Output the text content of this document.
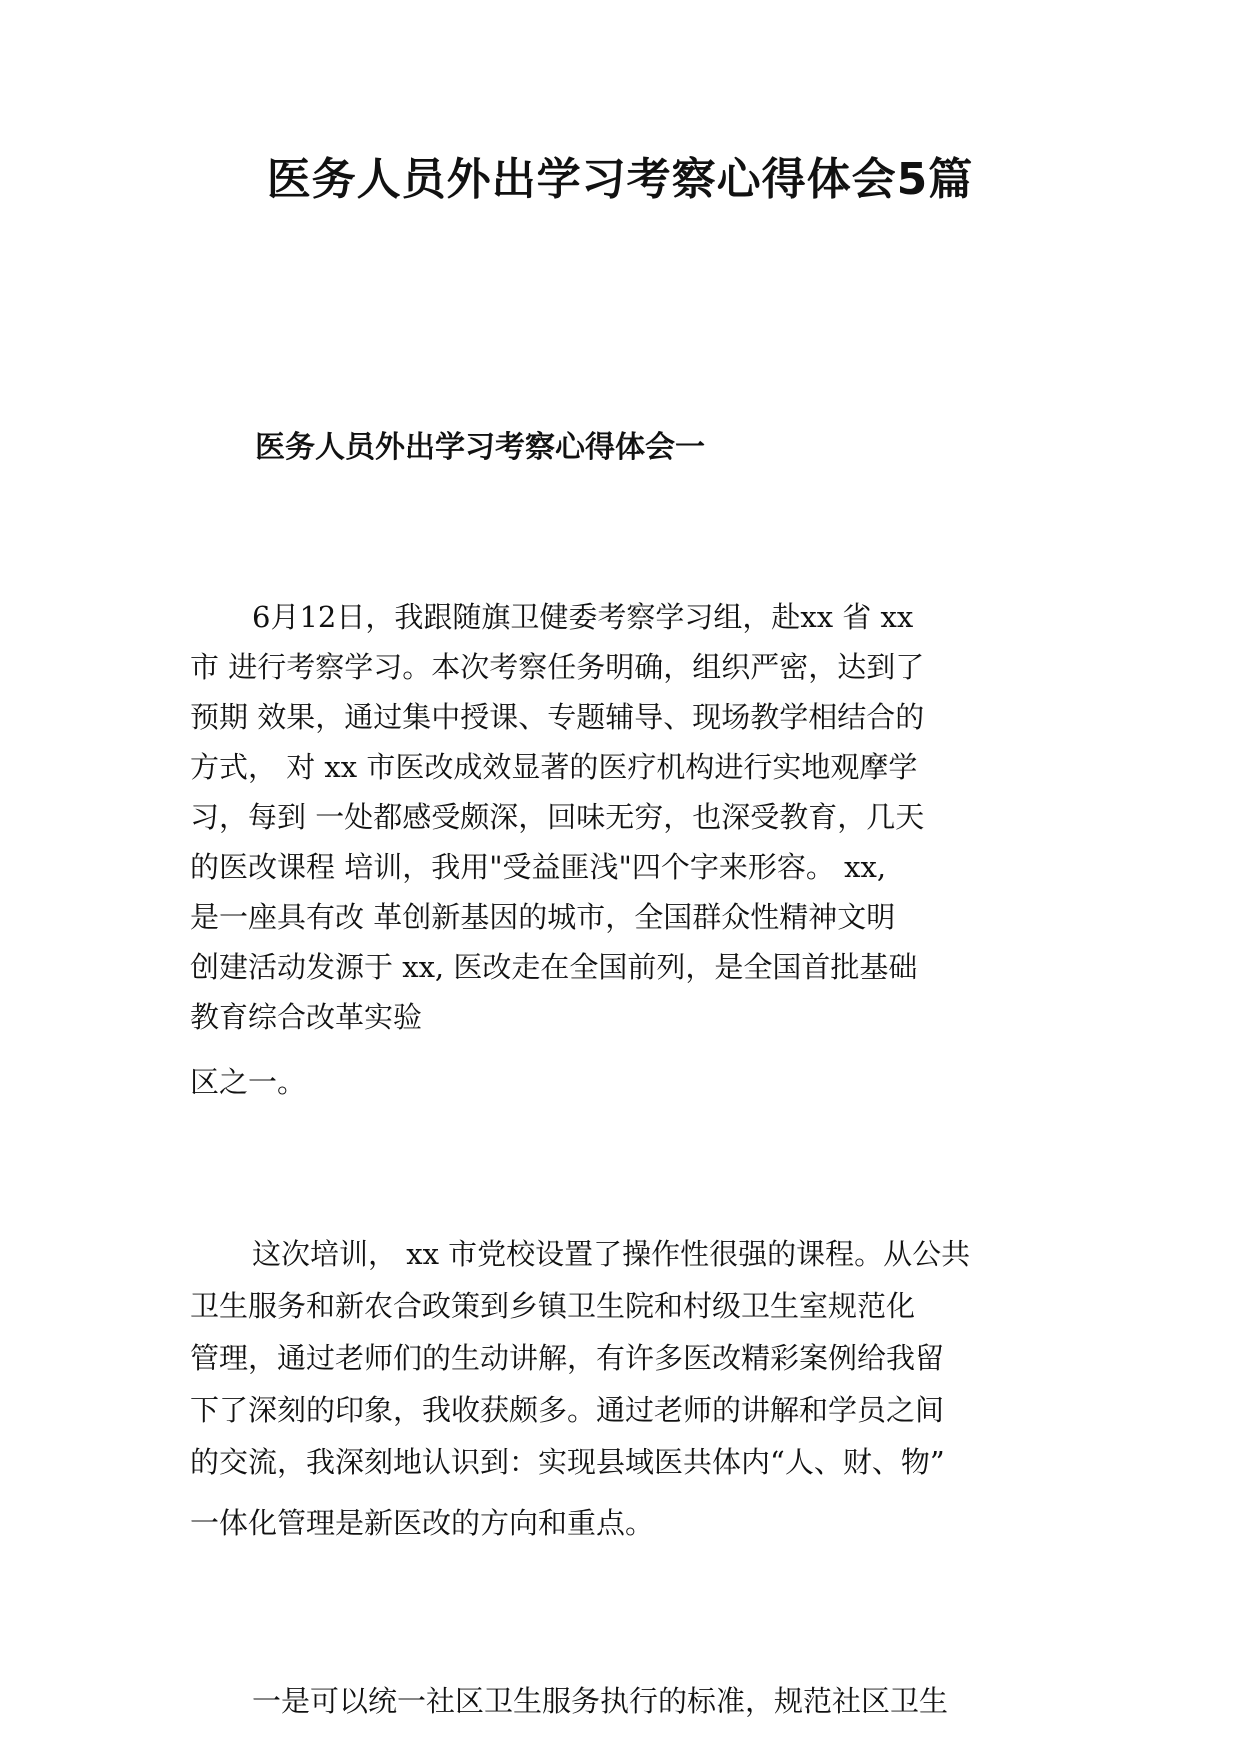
医务人员外出学习考察心得体会5篇
医务人员外出学习考察心得体会一
6月12日，我跟随旗卫健委考察学习组，赴xx 省 xx
市 进行考察学习。本次考察任务明确，组织严密，达到了
预期 效果，通过集中授课、专题辅导、现场教学相结合的
方式， 对 xx 市医改成效显著的医疗机构进行实地观摩学
习，每到 一处都感受颇深，回味无穷，也深受教育，几天
的医改课程 培训，我用"受益匪浅"四个字来形容。 xx,
是一座具有改 革创新基因的城市，全国群众性精神文明
创建活动发源于 xx, 医改走在全国前列，是全国首批基础
教育综合改革实验
区之一。
这次培训， xx 市党校设置了操作性很强的课程。从公共
卫生服务和新农合政策到乡镇卫生院和村级卫生室规范化
管理，通过老师们的生动讲解，有许多医改精彩案例给我留
下了深刻的印象，我收获颇多。通过老师的讲解和学员之间
的交流，我深刻地认识到：实现县域医共体内“人、财、物”
一体化管理是新医改的方向和重点。
一是可以统一社区卫生服务执行的标准，规范社区卫生
